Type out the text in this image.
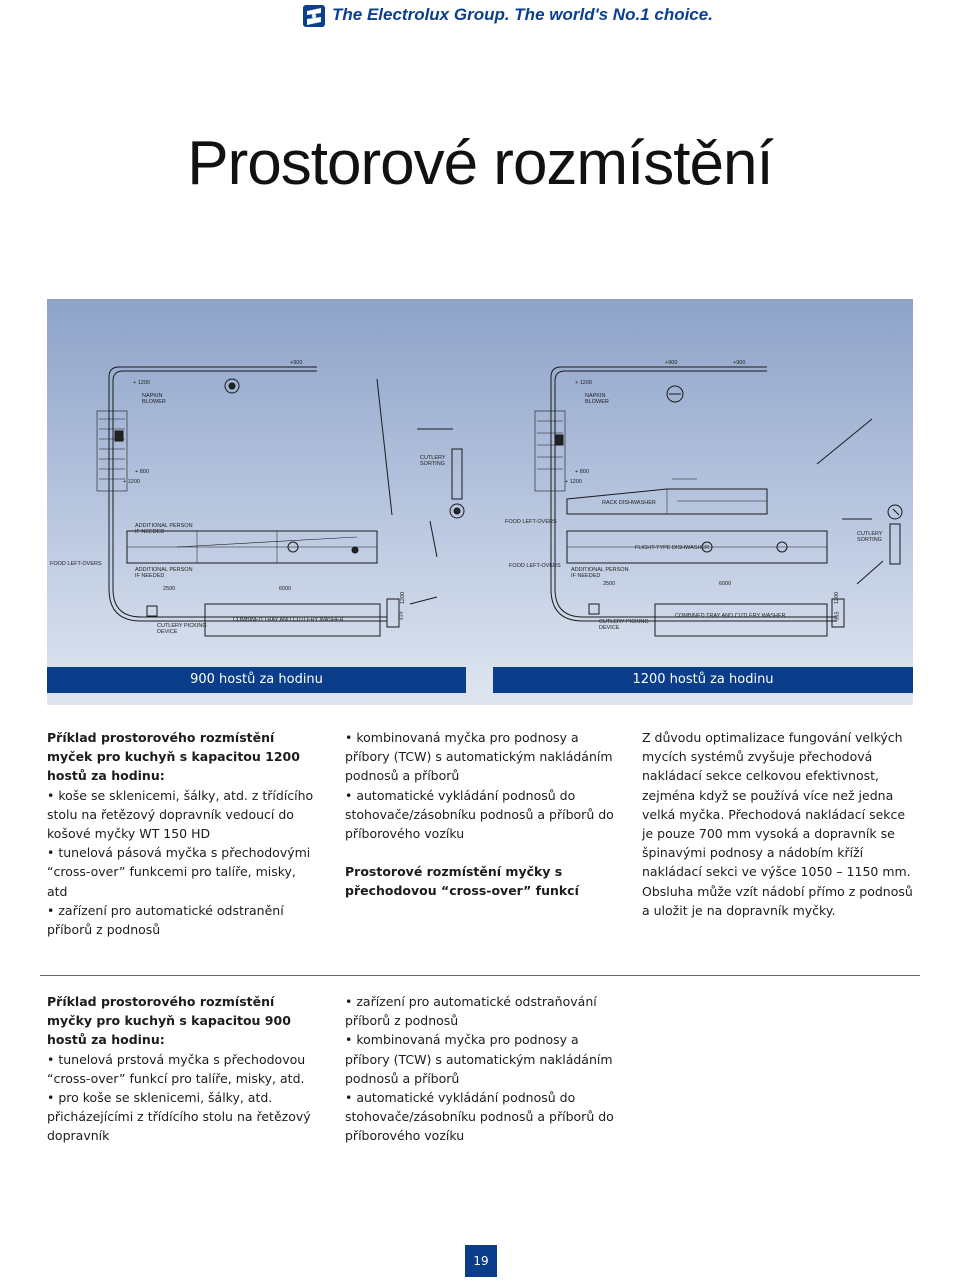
The Electrolux Group. The world's No.1 choice.
Prostorové rozmístění
+900
+ 1200
NAPKIN BLOWER
CUTLERY SORTING
+ 800
+ 1200
ADDITIONAL PERSON IF NEEDED
FOOD LEFT-OVERS
ADDITIONAL PERSON IF NEEDED
2500	6000
1200
CUTLERY PICKING DEVICE
COMBINED TRAY AND CUTLERY WASHER	315
+900	+900
+ 1200
NAPKIN BLOWER
+ 800
+ 1200
RACK DISHWASHER
FOOD LEFT-OVERS
CUTLERY SORTING
FLIGHT-TYPE DISHWASHER
FOOD LEFT-OVERS
ADDITIONAL PERSON IF NEEDED
2500	6000
1200
CUTLERY PICKING DEVICE
COMBINED TRAY AND CUTLERY WASHER	315
900 hostů za hodinu	1200 hostů za hodinu

Příklad prostorového rozmístění myček pro kuchyň s kapacitou 1200 hostů za hodinu:

• koše se sklenicemi, šálky, atd. z třídícího stolu na řetězový dopravník vedoucí do košové myčky WT 150 HD

• tunelová pásová myčka s přechodovými “cross-over” funkcemi pro talíře, misky, atd

• zařízení pro automatické odstranění příborů z podnosů

• kombinovaná myčka pro podnosy a příbory (TCW) s automatickým nakládáním podnosů a příborů

• automatické vykládání podnosů do stohovače/zásobníku podnosů a příborů do příborového vozíku

Prostorové rozmístění myčky s přechodovou “cross-over” funkcí

Z důvodu optimalizace fungování velkých mycích systémů zvyšuje přechodová nakládací sekce celkovou efektivnost, zejména když se používá více než jedna velká myčka. Přechodová nakládací sekce je pouze 700 mm vysoká a dopravník se špinavými podnosy a nádobím kříží nakládací sekci ve výšce 1050 – 1150 mm. Obsluha může vzít nádobí přímo z podnosů a uložit je na dopravník myčky.

Příklad prostorového rozmístění myčky pro kuchyň s kapacitou 900 hostů za hodinu:

• tunelová prstová myčka s přechodovou “cross-over” funkcí pro talíře, misky, atd.

• pro koše se sklenicemi, šálky, atd. přicházejícími z třídícího stolu na řetězový dopravník

• zařízení pro automatické odstraňování příborů z podnosů

• kombinovaná myčka pro podnosy a příbory (TCW) s automatickým nakládáním podnosů a příborů

• automatické vykládání podnosů do stohovače/zásobníku podnosů a příborů do příborového vozíku

19
